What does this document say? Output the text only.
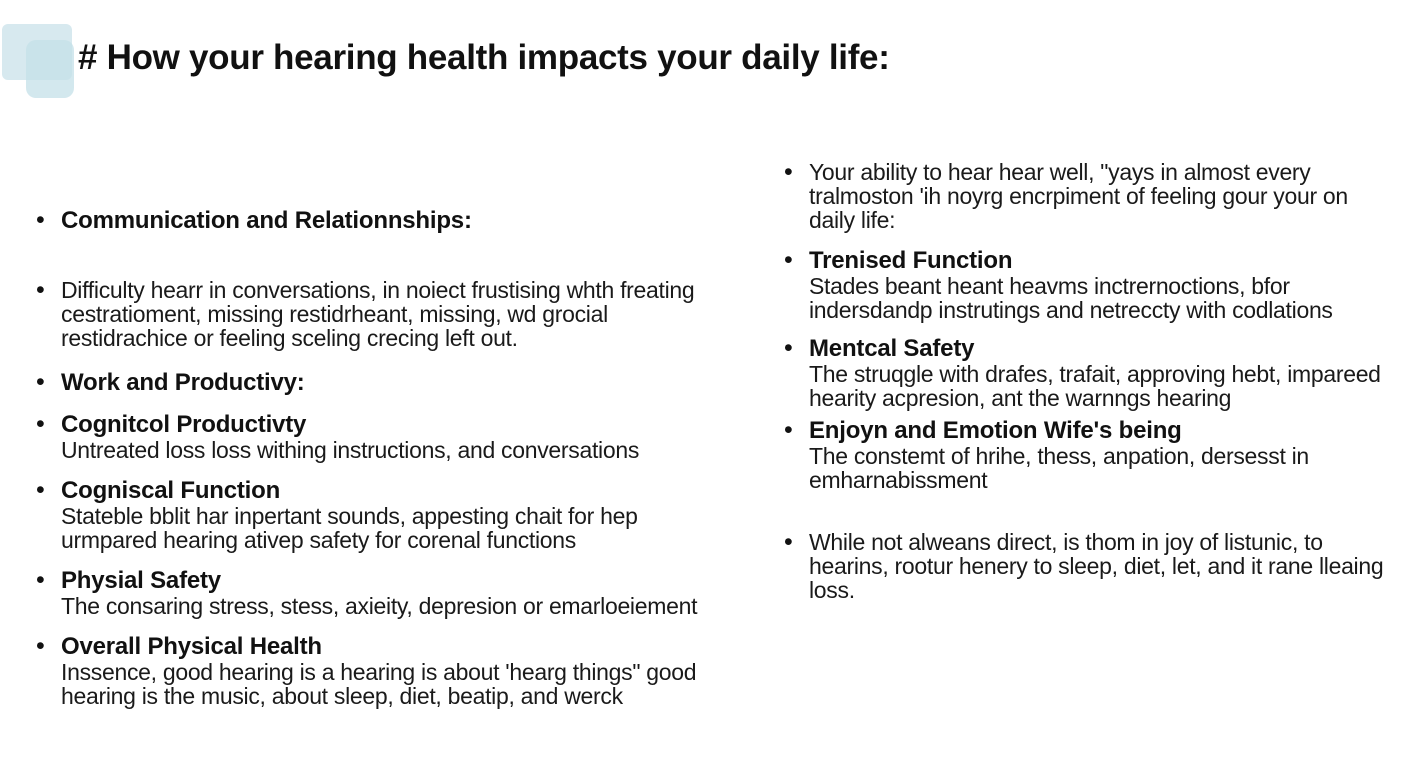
# How your hearing health impacts your daily life:
• Communication and Relationnships:
• Difficulty hearr in conversations, in noiect frustising whth freating cestratioment, missing restidrheant, missing, wd grocial restidrachice or feeling sceling crecing left out.
• Work and Productivy:
• Cognitcol Productivty
Untreated loss loss withing instructions, and conversations
• Cogniscal Function
Stateble bblit har inpertant sounds, appesting chait for hep urmpared hearing ativep safety for corenal functions
• Physial Safety
The consaring stress, stess, axieity, depresion or emarloeiement
• Overall Physical Health
Inssence, good hearing is a hearing is about 'hearg things" good hearing is the music, about sleep, diet, beatip, and werck
• Your ability to hear hear well, "yays in almost every tralmoston 'ih noyrg encrpiment of feeling gour your on daily life:
• Trenised Function
Stades beant heant heavms inctrernoctions, bfor indersdandp instrutings and netreccty with codlations
• Mentcal Safety
The struqgle with drafes, trafait, approving hebt, impareed hearity acpresion, ant the warnngs hearing
• Enjoyn and Emotion Wife's being
The constemt of hrihe, thess, anpation, dersesst in emharnabissment
• While not alweans direct, is thom in joy of listunic, to hearins, rootur henery to sleep, diet, let, and it rane lleaing loss.
